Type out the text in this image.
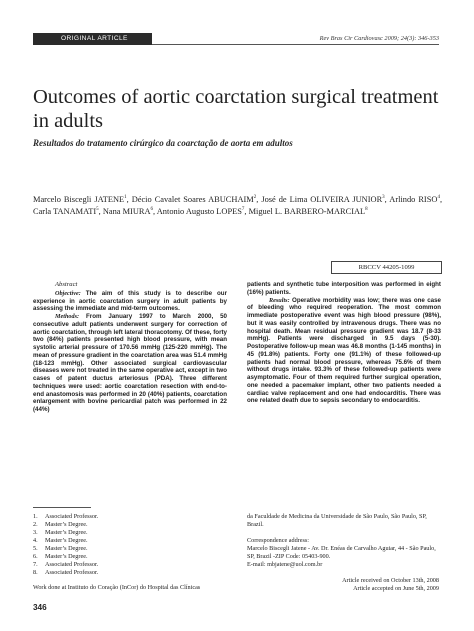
ORIGINAL ARTICLE	Rev Bras Cir Cardiovasc 2009; 24(3): 346-353
Outcomes of aortic coarctation surgical treatment in adults
Resultados do tratamento cirúrgico da coarctação de aorta em adultos
Marcelo Biscegli JATENE$^1$, Décio Cavalet Soares ABUCHAIM$^2$, José de Lima OLIVEIRA JUNIOR$^3$, Arlindo RISO$^4$, Carla TANAMATI$^5$, Nana MIURA$^6$, Antonio Augusto LOPES$^7$, Miguel L. BARBERO-MARCIAL$^8$
RBCCV 44205-1099

Abstract

Objective: The aim of this study is to describe our experience in aortic coarctation surgery in adult patients by assessing the immediate and mid-term outcomes.

Methods: From January 1997 to March 2000, 50 consecutive adult patients underwent surgery for correction of aortic coarctation, through left lateral thoracotomy. Of these, forty two (84%) patients presented high blood pressure, with mean systolic arterial pressure of 170.56 mmHg (125-220 mmHg). The mean of pressure gradient in the coarctation area was 51.4 mmHg (18-123 mmHg). Other associated surgical cardiovascular diseases were not treated in the same operative act, except in two cases of patent ductus arteriosus (PDA). Three different techniques were used: aortic coarctation resection with end-to-end anastomosis was performed in 20 (40%) patients, coarctation enlargement with bovine pericardial patch was performed in 22 (44%)

patients and synthetic tube interposition was performed in eight (16%) patients.

Results: Operative morbidity was low; there was one case of bleeding who required reoperation. The most common immediate postoperative event was high blood pressure (98%), but it was easily controlled by intravenous drugs. There was no hospital death. Mean residual pressure gradient was 18.7 (8-33 mmHg). Patients were discharged in 9.5 days (5-30). Postoperative follow-up mean was 46.8 months (1-145 months) in 45 (91.8%) patients. Forty one (91.1%) of these followed-up patients had normal blood pressure, whereas 75.6% of them without drugs intake. 93.3% of these followed-up patients were asymptomatic. Four of them required further surgical operation, one needed a pacemaker implant, other two patients needed a cardiac valve replacement and one had endocarditis. There was one related death due to sepsis secondary to endocarditis.

1. Associated Professor.
2. Master’s Degree.
3. Master’s Degree.
4. Master’s Degree.
5. Master’s Degree.
6. Master’s Degree.
7. Associated Professor.
8. Associated Professor.
Work done at Instituto do Coração (InCor) do Hospital das Clínicas

da Faculdade de Medicina da Universidade de São Paulo, São Paulo, SP, Brazil.

Correspondence address:

Marcelo Biscegli Jatene - Av. Dr. Enéas de Carvalho Aguiar, 44 - São Paulo, SP, Brazil -ZIP Code: 05403-900.

E-mail: mbjatene@uol.com.br

Article received on October 13th, 2008

Article accepted on June 5th, 2009

346
